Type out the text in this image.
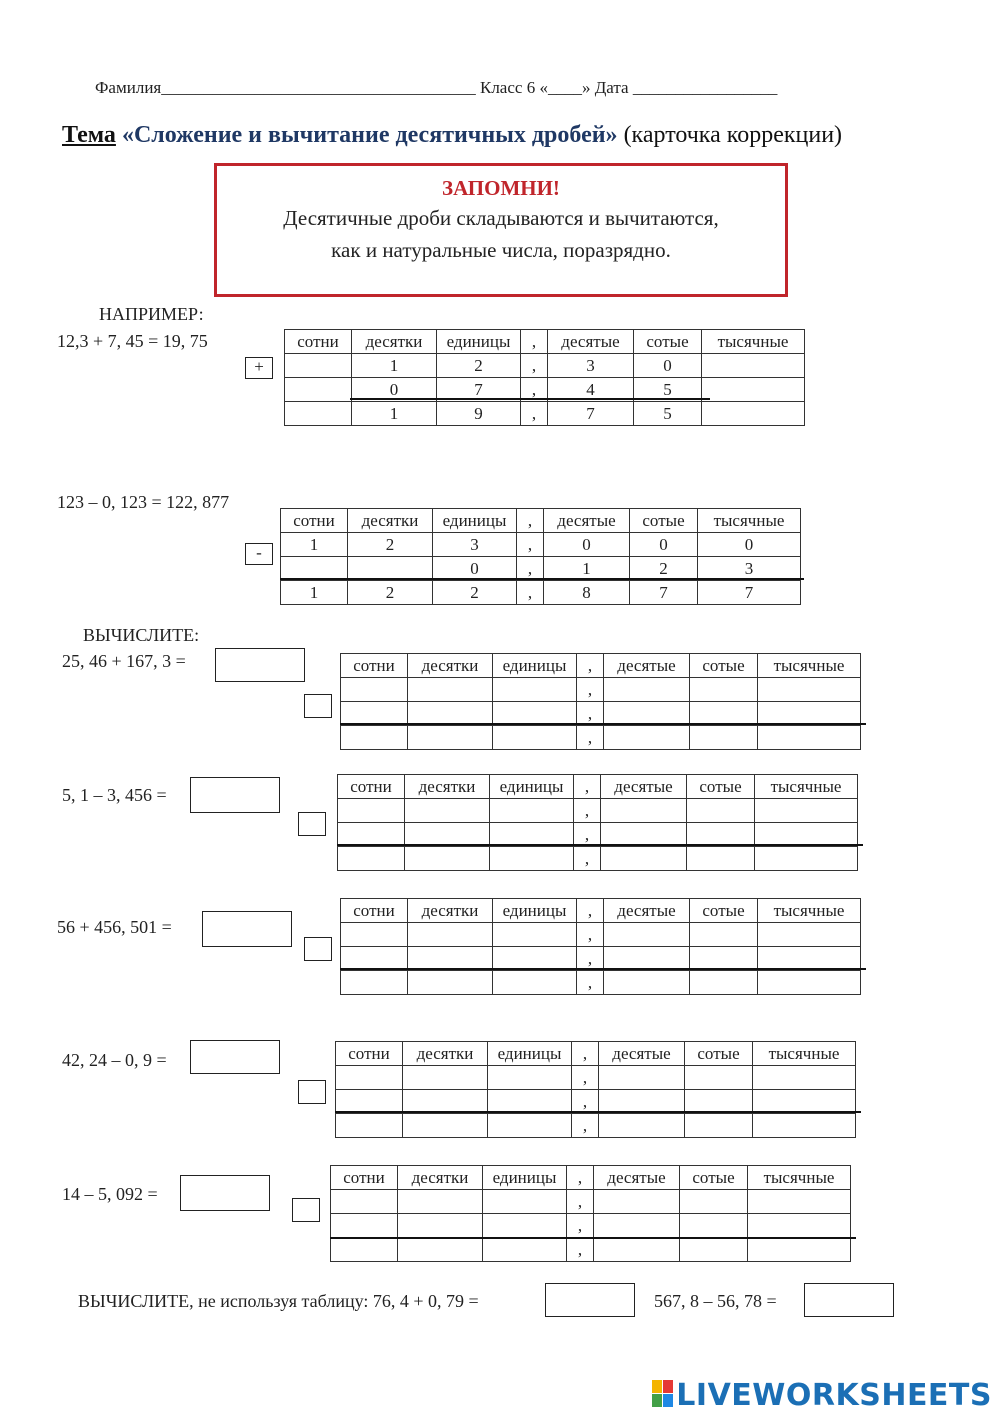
Фамилия_____________________________________ Класс 6 «____» Дата _________________
Тема «Сложение и вычитание десятичных дробей» (карточка коррекции)
ЗАПОМНИ!
Десятичные дроби складываются и вычитаются,
как и натуральные числа, поразрядно.
НАПРИМЕР:
ВЫЧИСЛИТЕ:
12,3 + 7, 45 = 19, 75
+
сотни	десятки	единицы	,	десятые	сотые	тысячные
	1	2	,	3	0	
	0	7	,	4	5	
	1	9	,	7	5	
123 – 0, 123 = 122, 877
-
сотни	десятки	единицы	,	десятые	сотые	тысячные
1	2	3	,	0	0	0
		0	,	1	2	3
1	2	2	,	8	7	7
25, 46 + 167, 3 =	сотни	десятки	единицы	,	десятые	сотые	тысячные
			,			
			,			
			,			
5, 1 – 3, 456 =	сотни	десятки	единицы	,	десятые	сотые	тысячные
			,			
			,			
			,			
56 + 456, 501 =
сотни	десятки	единицы	,	десятые	сотые	тысячные
			,			
			,			
			,			
42, 24 – 0, 9 =	сотни	десятки	единицы	,	десятые	сотые	тысячные
			,			
			,			
			,			
14 – 5, 092 =
сотни	десятки	единицы	,	десятые	сотые	тысячные
			,			
			,			
			,			
ВЫЧИСЛИТЕ, не используя таблицу: 76, 4 + 0, 79 =	567, 8 – 56, 78 =
LIVEWORKSHEETS
